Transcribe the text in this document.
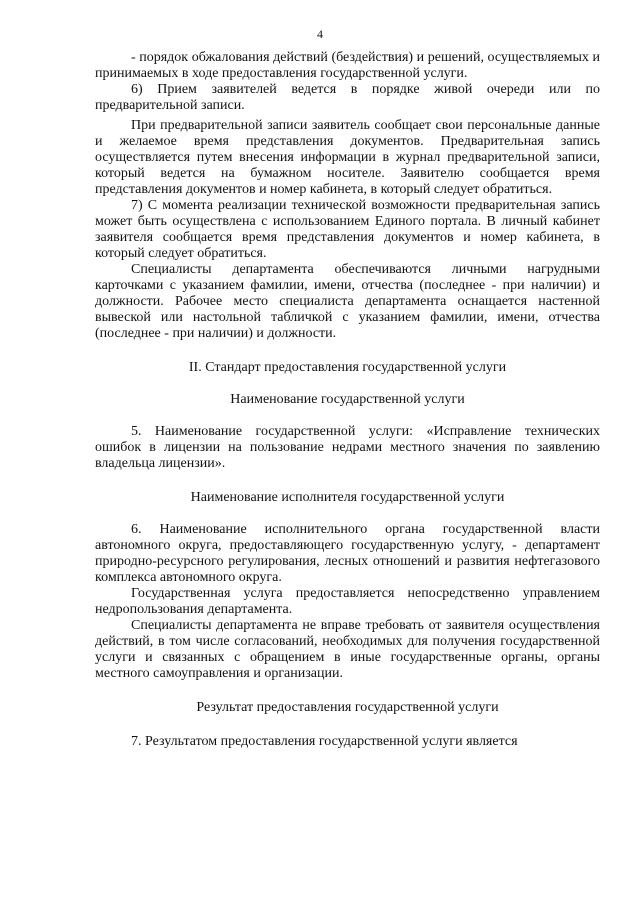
4

- порядок обжалования действий (бездействия) и решений, осуществляемых и принимаемых в ходе предоставления государственной услуги.

6) Прием заявителей ведется в порядке живой очереди или по предварительной записи.

При предварительной записи заявитель сообщает свои персональные данные и желаемое время представления документов. Предварительная запись осуществляется путем внесения информации в журнал предварительной записи, который ведется на бумажном носителе. Заявителю сообщается время представления документов и номер кабинета, в который следует обратиться.

7) С момента реализации технической возможности предварительная запись может быть осуществлена с использованием Единого портала. В личный кабинет заявителя сообщается время представления документов и номер кабинета, в который следует обратиться.

Специалисты департамента обеспечиваются личными нагрудными карточками с указанием фамилии, имени, отчества (последнее - при наличии) и должности. Рабочее место специалиста департамента оснащается настенной вывеской или настольной табличкой с указанием фамилии, имени, отчества (последнее - при наличии) и должности.

II. Стандарт предоставления государственной услуги
Наименование государственной услуги

5. Наименование государственной услуги: «Исправление технических ошибок в лицензии на пользование недрами местного значения по заявлению владельца лицензии».

Наименование исполнителя государственной услуги

6. Наименование исполнительного органа государственной власти автономного округа, предоставляющего государственную услугу, - департамент природно-ресурсного регулирования, лесных отношений и развития нефтегазового комплекса автономного округа.

Государственная услуга предоставляется непосредственно управлением недропользования департамента.

Специалисты департамента не вправе требовать от заявителя осуществления действий, в том числе согласований, необходимых для получения государственной услуги и связанных с обращением в иные государственные органы, органы местного самоуправления и организации.

Результат предоставления государственной услуги

7. Результатом предоставления государственной услуги является
